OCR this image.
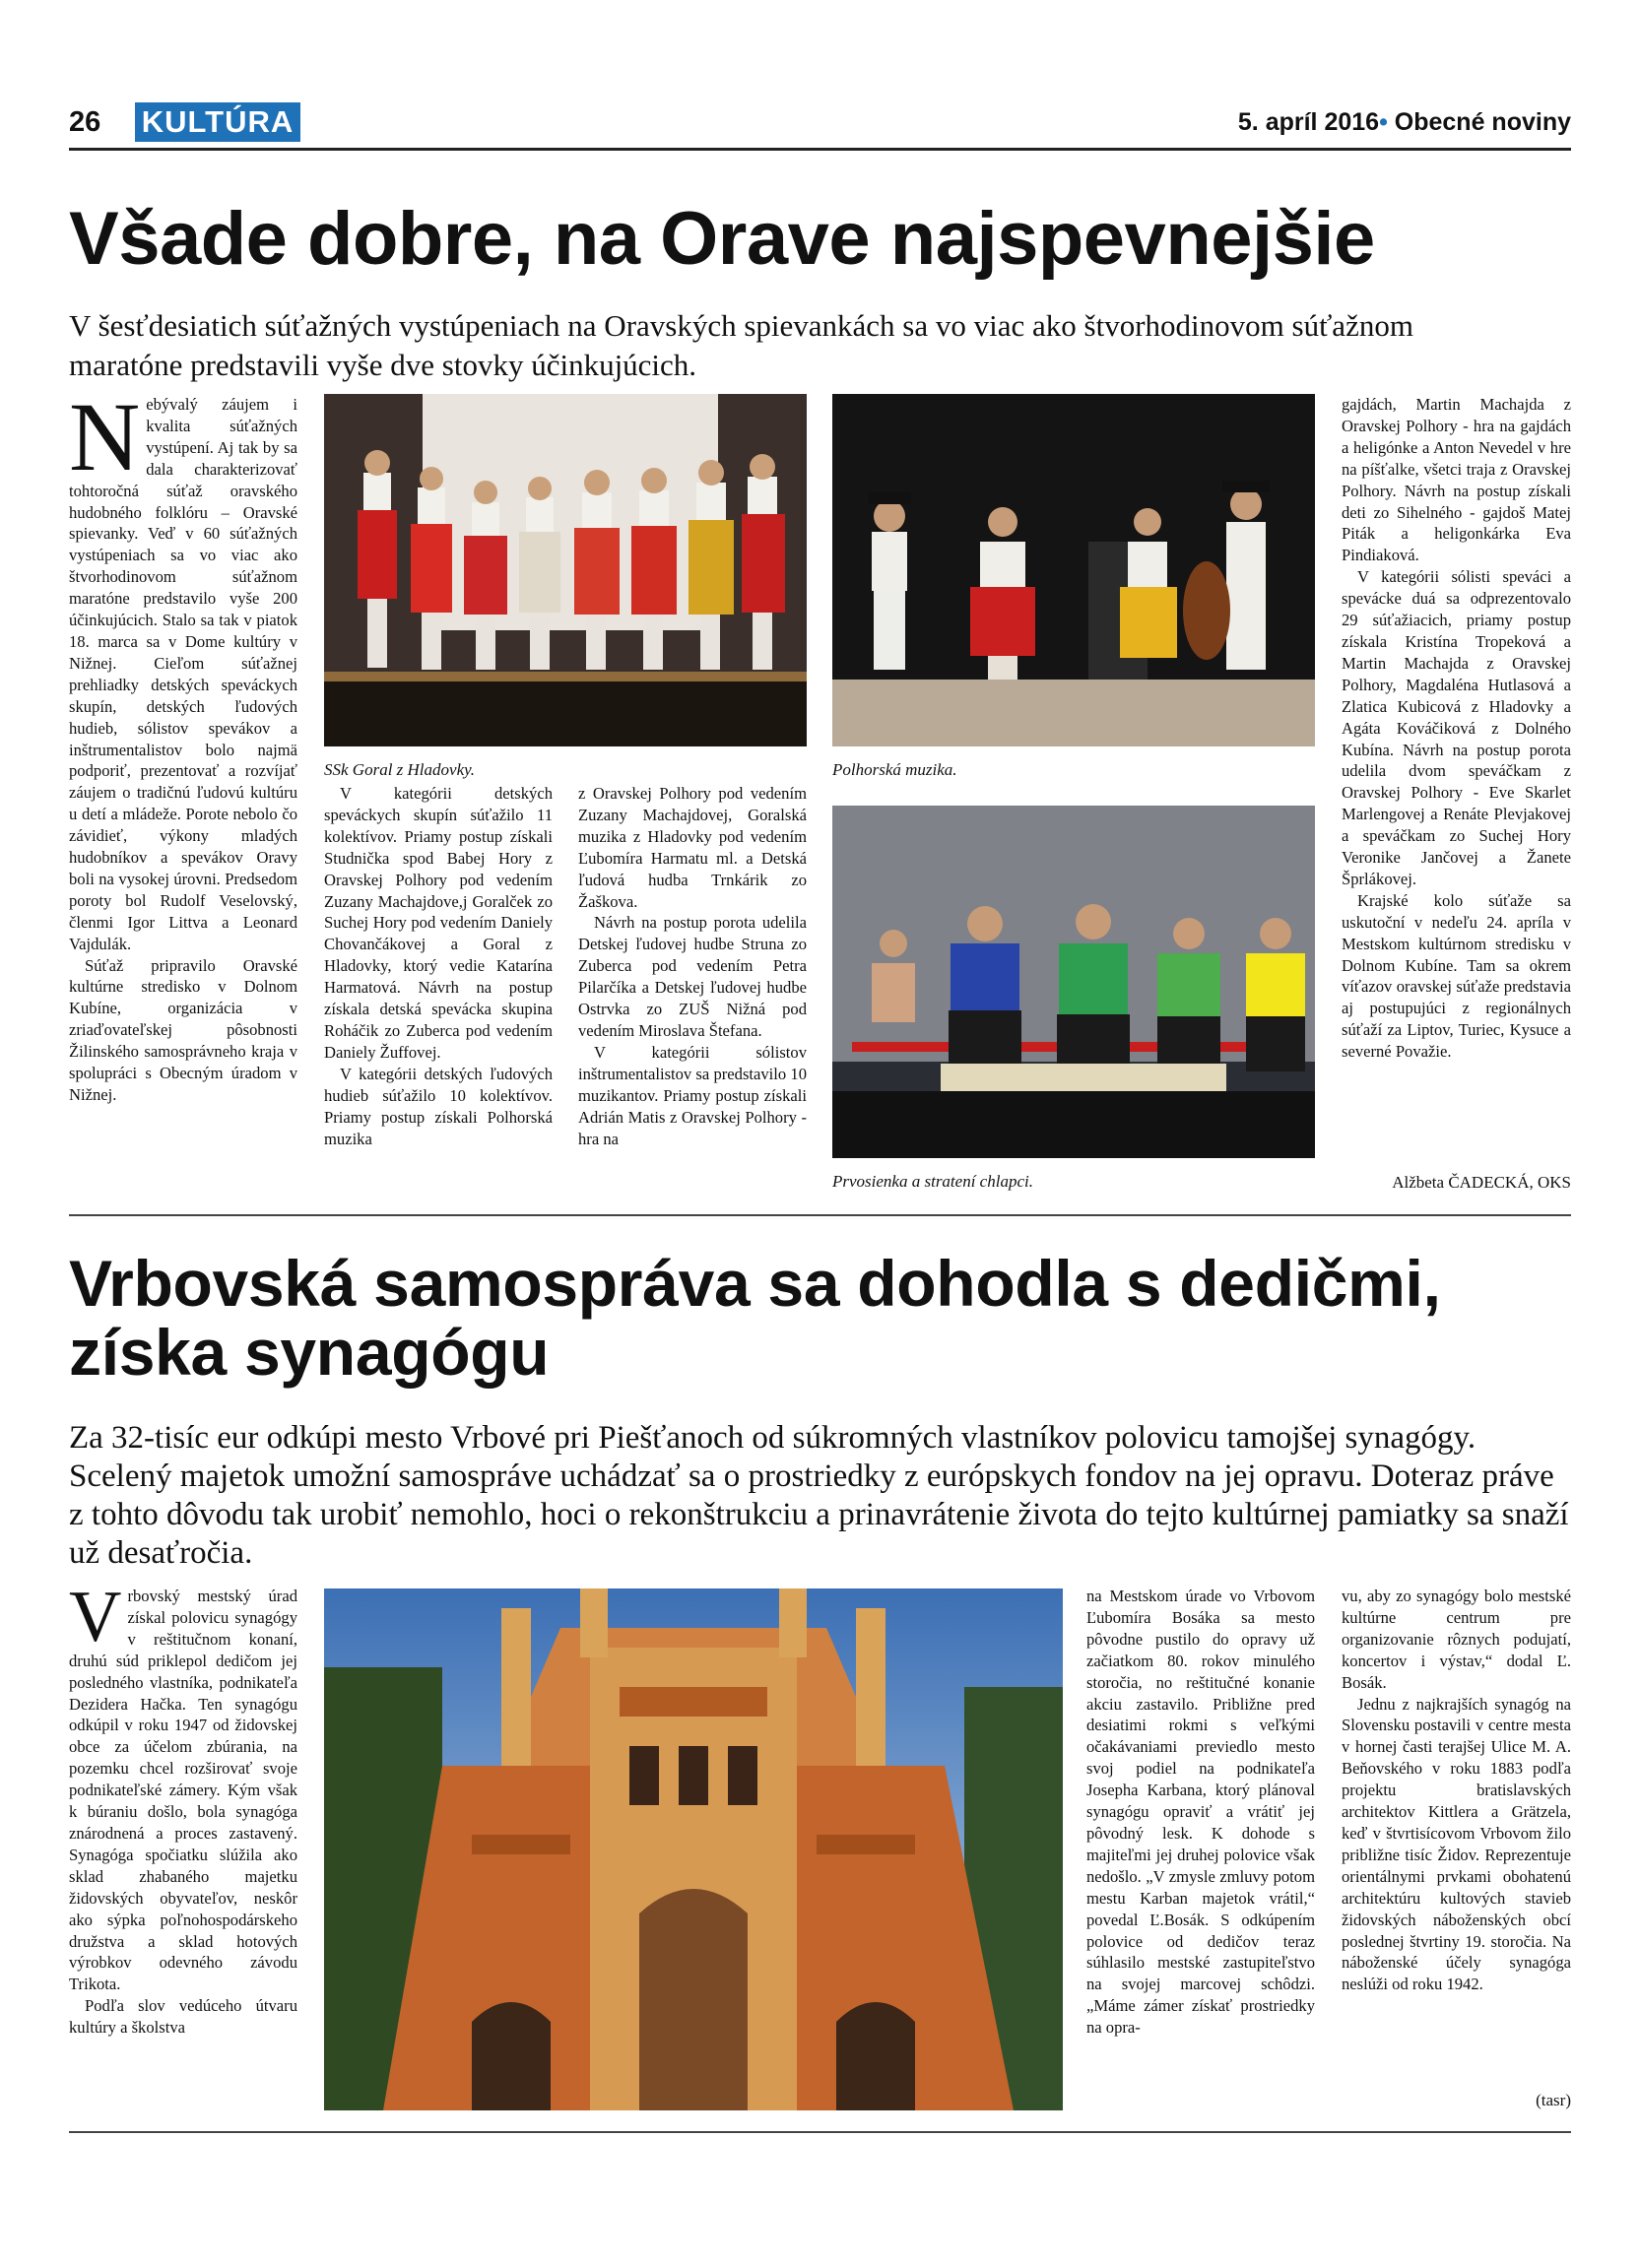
26 KULTÚRA	5. apríl 2016• Obecné noviny
Všade dobre, na Orave najspevnejšie
V šesťdesiatich súťažných vystúpeniach na Oravských spievankách sa vo viac ako štvorhodinovom súťažnom maratóne predstavili vyše dve stovky účinkujúcich.

Nebývalý záujem i kvalita súťažných vystúpení. Aj tak by sa dala charakterizovať tohtoročná súťaž oravského hudobného folklóru – Oravské spievanky. Veď v 60 súťažných vystúpeniach sa vo viac ako štvorhodinovom súťažnom maratóne predstavilo vyše 200 účinkujúcich. Stalo sa tak v piatok 18. marca sa v Dome kultúry v Nižnej. Cieľom súťažnej prehliadky detských speváckych skupín, detských ľudových hudieb, sólistov spevákov a inštrumentalistov bolo najmä podporiť, prezentovať a rozvíjať záujem o tradičnú ľudovú kultúru u detí a mládeže. Porote nebolo čo závidieť, výkony mladých hudobníkov a spevákov Oravy boli na vysokej úrovni. Predsedom poroty bol Rudolf Veselovský, členmi Igor Littva a Leonard Vajdulák.

Súťaž pripravilo Oravské kultúrne stredisko v Dolnom Kubíne, organizácia v zriaďovateľskej pôsobnosti Žilinského samosprávneho kraja v spolupráci s Obecným úradom v Nižnej.

SSk Goral z Hladovky.

V kategórii detských speváckych skupín súťažilo 11 kolektívov. Priamy postup získali Studnička spod Babej Hory z Oravskej Polhory pod vedením Zuzany Machajdove,j Goralček zo Suchej Hory pod vedením Daniely Chovančákovej a Goral z Hladovky, ktorý vedie Katarína Harmatová. Návrh na postup získala detská spevácka skupina Roháčik zo Zuberca pod vedením Daniely Žuffovej.

V kategórii detských ľudových hudieb súťažilo 10 kolektívov. Priamy postup získali Polhorská muzika

z Oravskej Polhory pod vedením Zuzany Machajdovej, Goralská muzika z Hladovky pod vedením Ľubomíra Harmatu ml. a Detská ľudová hudba Trnkárik zo Žaškova.

Návrh na postup porota udelila Detskej ľudovej hudbe Struna zo Zuberca pod vedením Petra Pilarčíka a Detskej ľudovej hudbe Ostrvka zo ZUŠ Nižná pod vedením Miroslava Štefana.

V kategórii sólistov inštrumentalistov sa predstavilo 10 muzikantov. Priamy postup získali Adrián Matis z Oravskej Polhory - hra na

Polhorská muzika.
Prvosienka a stratení chlapci.

gajdách, Martin Machajda z Oravskej Polhory - hra na gajdách a heligónke a Anton Nevedel v hre na píšťalke, všetci traja z Oravskej Polhory. Návrh na postup získali deti zo Sihelného - gajdoš Matej Piták a heligonkárka Eva Pindiaková.

V kategórii sólisti speváci a spevácke duá sa odprezentovalo 29 súťažiacich, priamy postup získala Kristína Tropeková a Martin Machajda z Oravskej Polhory, Magdaléna Hutlasová a Zlatica Kubicová z Hladovky a Agáta Kováčiková z Dolného Kubína. Návrh na postup porota udelila dvom speváčkam z Oravskej Polhory - Eve Skarlet Marlengovej a Renáte Plevjakovej a speváčkam zo Suchej Hory Veronike Jančovej a Žanete Šprlákovej.

Krajské kolo súťaže sa uskutoční v nedeľu 24. apríla v Mestskom kultúrnom stredisku v Dolnom Kubíne. Tam sa okrem víťazov oravskej súťaže predstavia aj postupujúci z regionálnych súťaží za Liptov, Turiec, Kysuce a severné Považie.

Alžbeta ČADECKÁ, OKS
Vrbovská samospráva sa dohodla s dedičmi,
získa synagógu
Za 32-tisíc eur odkúpi mesto Vrbové pri Piešťanoch od súkromných vlastníkov polovicu tamojšej synagógy. Scelený majetok umožní samospráve uchádzať sa o prostriedky z európskych fondov na jej opravu. Doteraz práve z tohto dôvodu tak urobiť nemohlo, hoci o rekonštrukciu a prinavrátenie života do tejto kultúrnej pamiatky sa snaží už desaťročia.

Vrbovský mestský úrad získal polovicu synagógy v reštitučnom konaní, druhú súd priklepol dedičom jej posledného vlastníka, podnikateľa Dezidera Hačka. Ten synagógu odkúpil v roku 1947 od židovskej obce za účelom zbúrania, na pozemku chcel rozširovať svoje podnikateľské zámery. Kým však k búraniu došlo, bola synagóga znárodnená a proces zastavený. Synagóga spočiatku slúžila ako sklad zhabaného majetku židovských obyvateľov, neskôr ako sýpka poľnohospodárskeho družstva a sklad hotových výrobkov odevného závodu Trikota.

Podľa slov vedúceho útvaru kultúry a školstva

na Mestskom úrade vo Vrbovom Ľubomíra Bosáka sa mesto pôvodne pustilo do opravy už začiatkom 80. rokov minulého storočia, no reštitučné konanie akciu zastavilo. Približne pred desiatimi rokmi s veľkými očakávaniami previedlo mesto svoj podiel na podnikateľa Josepha Karbana, ktorý plánoval synagógu opraviť a vrátiť jej pôvodný lesk. K dohode s majiteľmi jej druhej polovice však nedošlo. „V zmysle zmluvy potom mestu Karban majetok vrátil,“ povedal Ľ.Bosák. S odkúpením polovice od dedičov teraz súhlasilo mestské zastupiteľstvo na svojej marcovej schôdzi. „Máme zámer získať prostriedky na opra-

vu, aby zo synagógy bolo mestské kultúrne centrum pre organizovanie rôznych podujatí, koncertov i výstav,“ dodal Ľ. Bosák.

Jednu z najkrajších synagóg na Slovensku postavili v centre mesta v hornej časti terajšej Ulice M. A. Beňovského v roku 1883 podľa projektu bratislavských architektov Kittlera a Grätzela, keď v štvrtisícovom Vrbovom žilo približne tisíc Židov. Reprezentuje orientálnymi prvkami obohatenú architektúru kultových stavieb židovských náboženských obcí poslednej štvrtiny 19. storočia. Na náboženské účely synagóga neslúži od roku 1942.

(tasr)
